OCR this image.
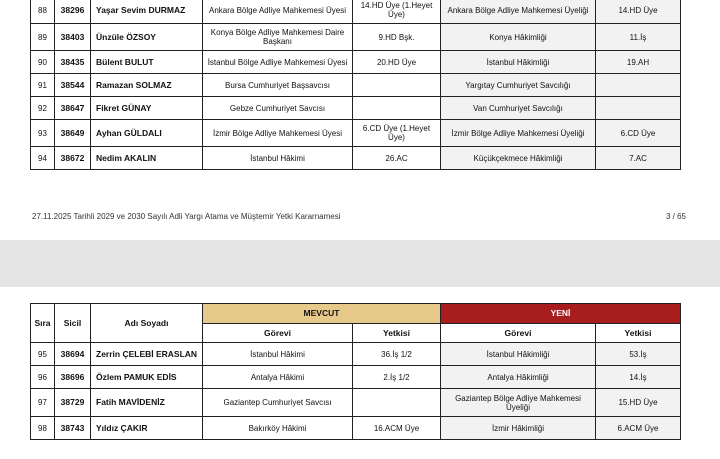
88	38296	Yaşar Sevim DURMAZ	Ankara Bölge Adliye Mahkemesi Üyesi	14.HD Üye (1.Heyet Üye)	Ankara Bölge Adliye Mahkemesi Üyeliği	14.HD Üye
89	38403	Ünzüle ÖZSOY	Konya Bölge Adliye Mahkemesi Daire Başkanı	9.HD Bşk.	Konya Hâkimliği	11.İş
90	38435	Bülent BULUT	İstanbul Bölge Adliye Mahkemesi Üyesi	20.HD Üye	İstanbul Hâkimliği	19.AH
91	38544	Ramazan SOLMAZ	Bursa Cumhuriyet Başsavcısı		Yargıtay Cumhuriyet Savcılığı	
92	38647	Fikret GÜNAY	Gebze Cumhuriyet Savcısı		Van Cumhuriyet Savcılığı	
93	38649	Ayhan GÜLDALI	İzmir Bölge Adliye Mahkemesi Üyesi	6.CD Üye (1.Heyet Üye)	İzmir Bölge Adliye Mahkemesi Üyeliği	6.CD Üye
94	38672	Nedim AKALIN	İstanbul Hâkimi	26.AC	Küçükçekmece Hâkimliği	7.AC
27.11.2025 Tarihli 2029 ve 2030 Sayılı Adli Yargı Atama ve Müştemir Yetki Kararnamesi	3 / 65
Sıra	Sicil	Adı Soyadı	MEVCUT		YENİ	
			Görevi	Yetkisi	Görevi	Yetkisi
95	38694	Zerrin ÇELEBİ ERASLAN	İstanbul Hâkimi	36.İş 1/2	İstanbul Hâkimliği	53.İş
96	38696	Özlem PAMUK EDİS	Antalya Hâkimi	2.İş 1/2	Antalya Hâkimliği	14.İş
97	38729	Fatih MAVİDENİZ	Gaziantep Cumhuriyet Savcısı		Gaziantep Bölge Adliye Mahkemesi Üyeliği	15.HD Üye
98	38743	Yıldız ÇAKIR	Bakırköy Hâkimi	16.ACM Üye	İzmir Hâkimliği	6.ACM Üye
